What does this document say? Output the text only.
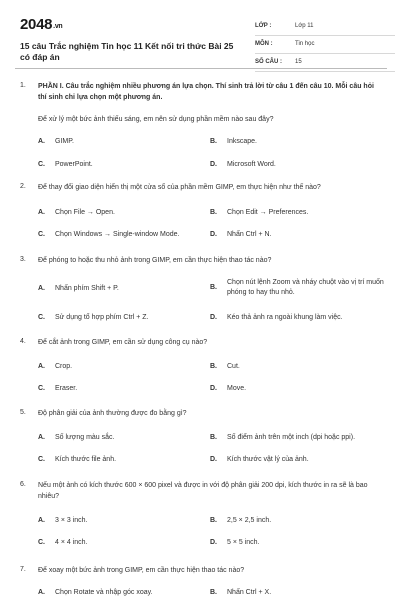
2048.vn
15 câu Trắc nghiệm Tin học 11 Kết nối tri thức Bài 25 có đáp án
LỚP :	Lớp 11
MÔN :	Tin học
SỐ CÂU : 15
1. PHẦN I. Câu trắc nghiệm nhiều phương án lựa chọn. Thí sinh trả lời từ câu 1 đến câu 10. Mỗi câu hỏi thí sinh chỉ lựa chọn một phương án.
Để xử lý một bức ảnh thiếu sáng, em nên sử dụng phần mềm nào sau đây?
A. GIMP.	B. Inkscape.
C. PowerPoint.	D. Microsoft Word.
2. Để thay đổi giao diện hiển thị một cửa sổ của phần mềm GIMP, em thực hiện như thế nào?
A. Chọn File → Open.	B. Chọn Edit → Preferences.
C. Chọn Windows → Single-window Mode.	D. Nhấn Ctrl + N.
3. Để phóng to hoặc thu nhỏ ảnh trong GIMP, em cần thực hiện thao tác nào?
A. Nhấn phím Shift + P.	B.
Chọn nút lệnh Zoom và nháy chuột vào vị trí muốn phóng to hay thu nhỏ.
C. Sử dụng tổ hợp phím Ctrl + Z.	D. Kéo thả ảnh ra ngoài khung làm việc.
4. Để cắt ảnh trong GIMP, em cần sử dụng công cụ nào?
A. Crop.	B. Cut.
C. Eraser.	D. Move.
5. Độ phân giải của ảnh thường được đo bằng gì?
A. Số lượng màu sắc.	B. Số điểm ảnh trên một inch (dpi hoặc ppi).
C. Kích thước file ảnh.	D. Kích thước vật lý của ảnh.
6. Nếu một ảnh có kích thước 600 × 600 pixel và được in với độ phân giải 200 dpi, kích thước in ra sẽ là bao nhiêu?
A. 3 × 3 inch.	B. 2,5 × 2,5 inch.
C. 4 × 4 inch.	D. 5 × 5 inch.
7. Để xoay một bức ảnh trong GIMP, em cần thực hiện thao tác nào?
A. Chọn Rotate và nhập góc xoay.	B. Nhấn Ctrl + X.
